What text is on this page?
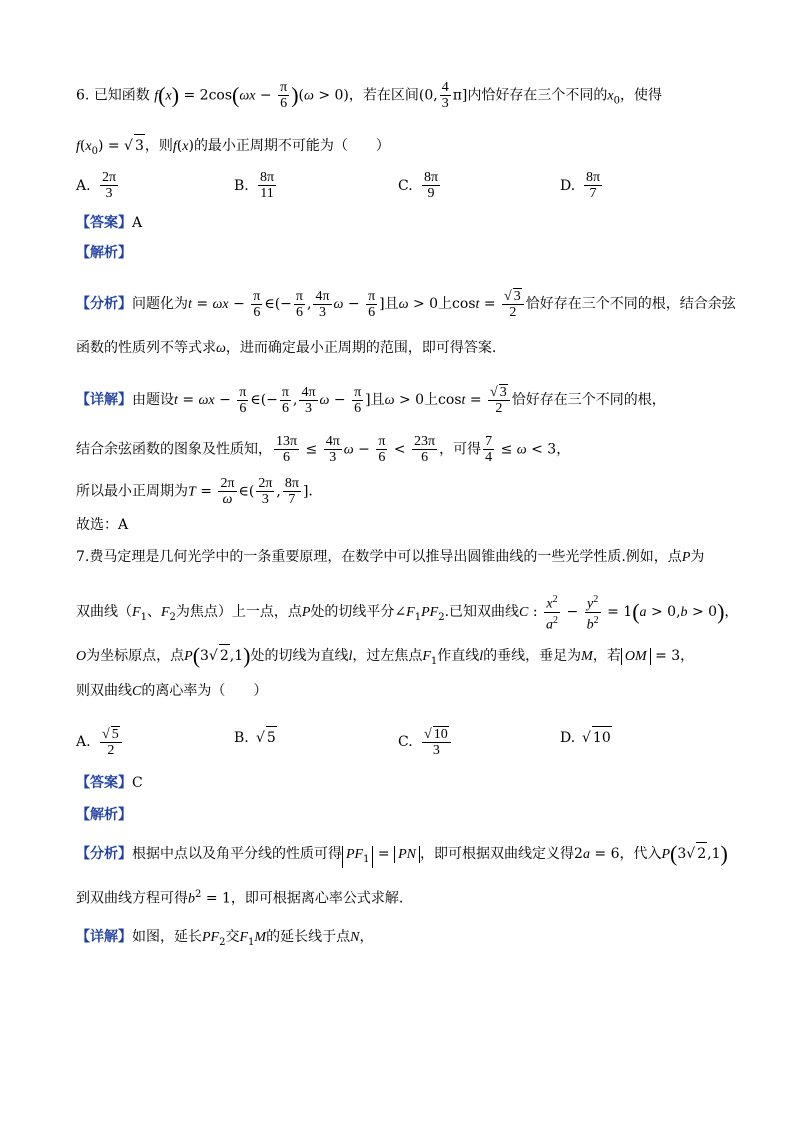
6. 已知函数 $f(x) = 2\cos(\omega x - \frac{\pi}{6} )(\omega > 0)$，若在区间(0, $\frac{4}{3} \pi$]内恰好存在三个不同的$x_0$，使得
$f(x_0)$ = √ 3，则f(x)的最小正周期不可能为（　　）
A. $\frac{2\pi}{3}$	B. $\frac{8\pi}{11}$	C. $\frac{8\pi}{9}$	D. $\frac{8\pi}{7}$
【答案】A
【解析】
【分析】问题化为$t = \omega x - \frac{\pi}{6}$ ∈(− $\frac{\pi}{6}$ , $\frac{4\pi}{3}$ $\omega - \frac{\pi}{6}$ ]且ω > 0上$\cos t = \frac{√ 3}{2}$ 恰好存在三个不同的根，结合余弦
函数的性质列不等式求ω，进而确定最小正周期的范围，即可得答案.
【详解】由题设$t = \omega x - \frac{\pi}{6}$ ∈(− $\frac{\pi}{6}$ , $\frac{4\pi}{3}$ $\omega - \frac{\pi}{6}$ ]且ω > 0上$\cos t = \frac{√ 3}{2}$ 恰好存在三个不同的根，
结合余弦函数的图象及性质知， $\frac{13\pi}{6} \le \frac{4\pi}{3}$ $\omega - \frac{\pi}{6} < \frac{23\pi}{6}$ ，可得 $\frac{7}{4} \le \omega < 3$，
所以最小正周期为$T = \frac{2\pi}{\omega}$ ∈( $\frac{2\pi}{3}$ , $\frac{8\pi}{7}$ ].
故选：A
7.费马定理是几何光学中的一条重要原理，在数学中可以推导出圆锥曲线的一些光学性质.例如，点P为
双曲线（$F_1$、$F_2$为焦点）上一点，点P处的切线平分$\angle F_1PF_2$.已知双曲线C : $\frac{x^2}{a^2} - \frac{y^2}{b^2} = 1(a > 0,b > 0)$，
O为坐标原点，点P(3√ 2,1)处的切线为直线l，过左焦点$F_1$作直线l的垂线，垂足为M，若 OM = 3，
则双曲线C的离心率为（　　）
A. $\frac{√ 5}{2}$	B. √ 5	C. $\frac{√ 10}{3}$	D. √ 10
【答案】C
【解析】
【分析】根据中点以及角平分线的性质可得 $PF_1$ = PN ，即可根据双曲线定义得2a = 6，代入P(3√ 2,1)
到双曲线方程可得$b^2 = 1$，即可根据离心率公式求解.
【详解】如图，延长$PF_2$交$F_1M$的延长线于点N，
